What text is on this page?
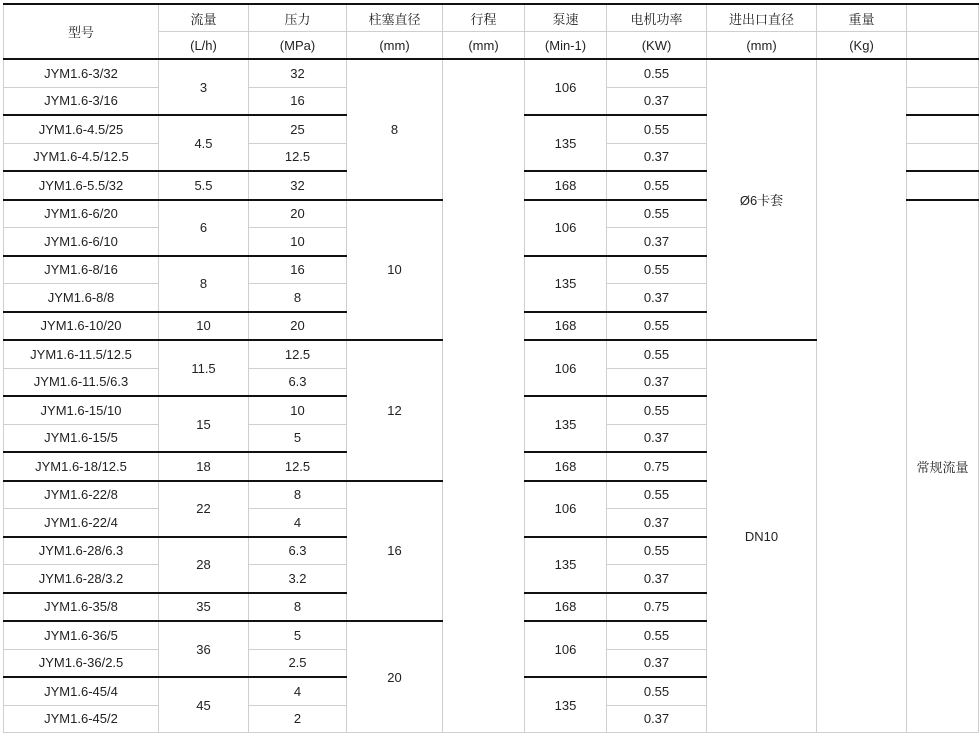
型号	流量	压力	柱塞直径	行程	泵速	电机功率	进出口直径	重量	
	(L/h)	(MPa)	(mm)	(mm)	(Min-1)	(KW)	(mm)	(Kg)	
JYM1.6-3/32	3	32	8		106	0.55	Ø6卡套		
JYM1.6-3/16		16				0.37			
JYM1.6-4.5/25	4.5	25			135	0.55			
JYM1.6-4.5/12.5		12.5				0.37			
JYM1.6-5.5/32	5.5	32			168	0.55			
JYM1.6-6/20	6	20	10		106	0.55			常规流量
JYM1.6-6/10		10				0.37			
JYM1.6-8/16	8	16			135	0.55			
JYM1.6-8/8		8				0.37			
JYM1.6-10/20	10	20			168	0.55			
JYM1.6-11.5/12.5	11.5	12.5	12		106	0.55	DN10		
JYM1.6-11.5/6.3		6.3				0.37			
JYM1.6-15/10	15	10			135	0.55			
JYM1.6-15/5		5				0.37			
JYM1.6-18/12.5	18	12.5			168	0.75			
JYM1.6-22/8	22	8	16		106	0.55			
JYM1.6-22/4		4				0.37			
JYM1.6-28/6.3	28	6.3			135	0.55			
JYM1.6-28/3.2		3.2				0.37			
JYM1.6-35/8	35	8			168	0.75			
JYM1.6-36/5	36	5	20		106	0.55			
JYM1.6-36/2.5		2.5				0.37			
JYM1.6-45/4	45	4			135	0.55			
JYM1.6-45/2		2				0.37			
